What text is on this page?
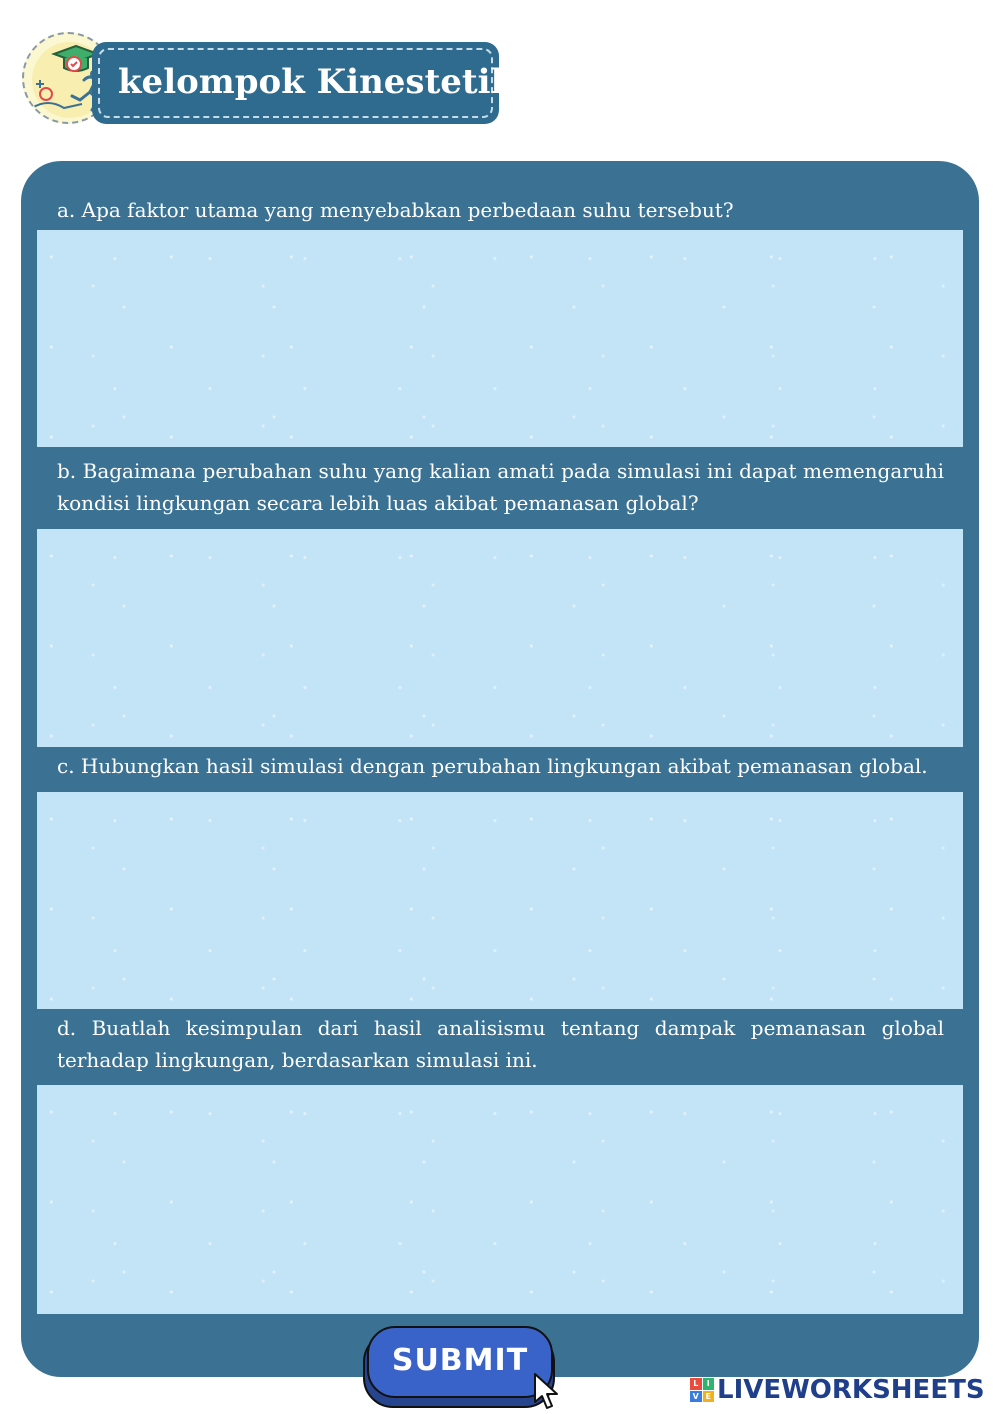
kelompok Kinestetik
a. Apa faktor utama yang menyebabkan perbedaan suhu tersebut?
b. Bagaimana perubahan suhu yang kalian amati pada simulasi ini dapat memengaruhi kondisi lingkungan secara lebih luas akibat pemanasan global?
c. Hubungkan hasil simulasi dengan perubahan lingkungan akibat pemanasan global.
d. Buatlah kesimpulan dari hasil analisismu tentang dampak pemanasan global terhadap lingkungan, berdasarkan simulasi ini.
SUBMIT
L	I
V E LIVEWORKSHEETS
